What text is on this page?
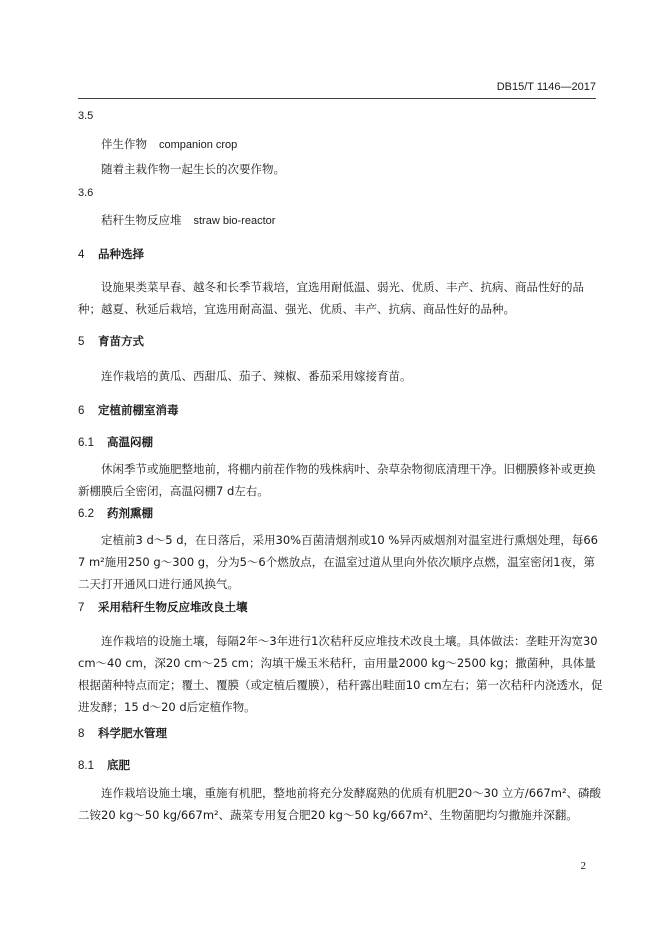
DB15/T 1146—2017
3.5
伴生作物 companion crop
随着主栽作物一起生长的次要作物。
3.6
秸秆生物反应堆 straw bio-reactor
4 品种选择
设施果类菜早春、越冬和长季节栽培，宜选用耐低温、弱光、优质、丰产、抗病、商品性好的品种；越夏、秋延后栽培，宜选用耐高温、强光、优质、丰产、抗病、商品性好的品种。
5 育苗方式
连作栽培的黄瓜、西甜瓜、茄子、辣椒、番茄采用嫁接育苗。
6 定植前棚室消毒
6.1 高温闷棚
休闲季节或施肥整地前，将棚内前茬作物的残株病叶、杂草杂物彻底清理干净。旧棚膜修补或更换新棚膜后全密闭，高温闷棚7 d左右。
6.2 药剂熏棚
定植前3 d～5 d，在日落后，采用30%百菌清烟剂或10 %异丙威烟剂对温室进行熏烟处理，每667 m²施用250 g～300 g，分为5～6个燃放点，在温室过道从里向外依次顺序点燃，温室密闭1夜，第二天打开通风口进行通风换气。
7 采用秸秆生物反应堆改良土壤
连作栽培的设施土壤，每隔2年～3年进行1次秸秆反应堆技术改良土壤。具体做法：垄畦开沟宽30 cm～40 cm，深20 cm～25 cm；沟填干燥玉米秸秆，亩用量2000 kg～2500 kg；撒菌种，具体量根据菌种特点而定；覆土、覆膜（或定植后覆膜），秸秆露出畦面10 cm左右；第一次秸秆内浇透水，促进发酵；15 d～20 d后定植作物。
8 科学肥水管理
8.1 底肥
连作栽培设施土壤，重施有机肥，整地前将充分发酵腐熟的优质有机肥20～30 立方/667m²、磷酸二铵20 kg～50 kg/667m²、蔬菜专用复合肥20 kg～50 kg/667m²、生物菌肥均匀撒施并深翻。
2
